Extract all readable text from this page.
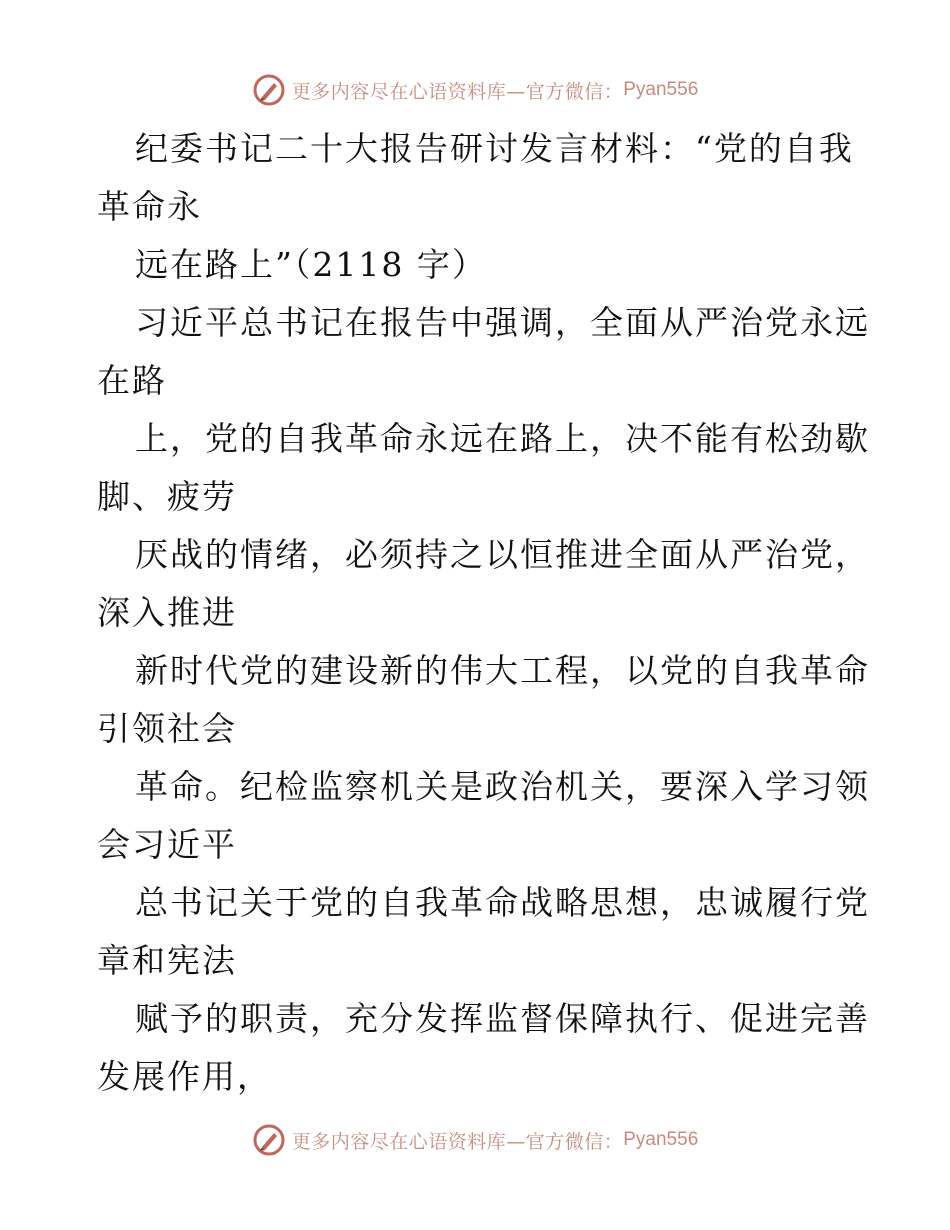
更多内容尽在心语资料库—官方微信： Pyan556
纪委书记二十大报告研讨发言材料：“党的自我
革命永
远在路上”（2118 字）
习近平总书记在报告中强调，全面从严治党永远
在路
上，党的自我革命永远在路上，决不能有松劲歇
脚、疲劳
厌战的情绪，必须持之以恒推进全面从严治党，
深入推进
新时代党的建设新的伟大工程，以党的自我革命
引领社会
革命。纪检监察机关是政治机关，要深入学习领
会习近平
总书记关于党的自我革命战略思想，忠诚履行党
章和宪法
赋予的职责，充分发挥监督保障执行、促进完善
发展作用，
更多内容尽在心语资料库—官方微信： Pyan556
